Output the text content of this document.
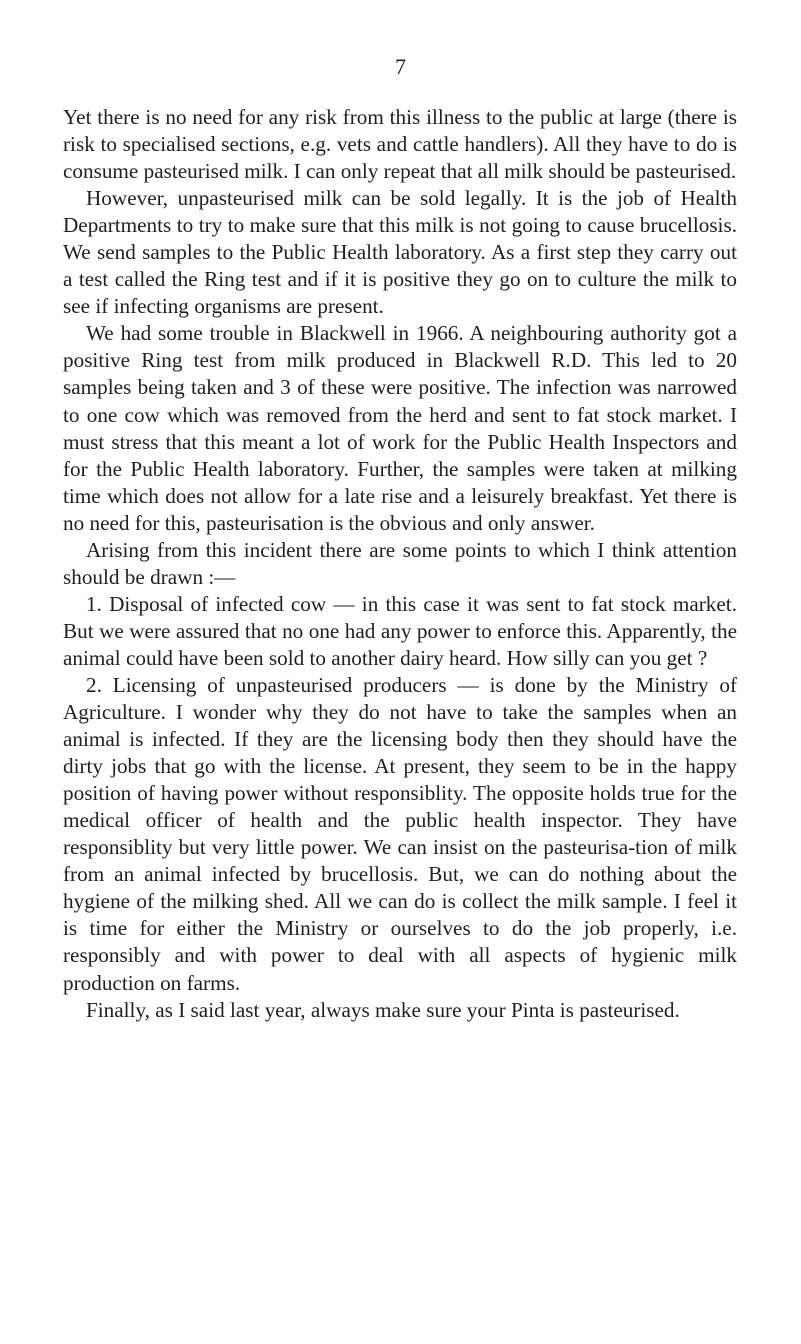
7

Yet there is no need for any risk from this illness to the public at large (there is risk to specialised sections, e.g. vets and cattle handlers). All they have to do is consume pasteurised milk. I can only repeat that all milk should be pasteurised.

However, unpasteurised milk can be sold legally. It is the job of Health Departments to try to make sure that this milk is not going to cause brucellosis. We send samples to the Public Health laboratory. As a first step they carry out a test called the Ring test and if it is positive they go on to culture the milk to see if infecting organisms are present.

We had some trouble in Blackwell in 1966. A neighbouring authority got a positive Ring test from milk produced in Blackwell R.D. This led to 20 samples being taken and 3 of these were positive. The infection was narrowed to one cow which was removed from the herd and sent to fat stock market. I must stress that this meant a lot of work for the Public Health Inspectors and for the Public Health laboratory. Further, the samples were taken at milking time which does not allow for a late rise and a leisurely breakfast. Yet there is no need for this, pasteurisation is the obvious and only answer.

Arising from this incident there are some points to which I think attention should be drawn :—

1. Disposal of infected cow — in this case it was sent to fat stock market. But we were assured that no one had any power to enforce this. Apparently, the animal could have been sold to another dairy heard. How silly can you get ?

2. Licensing of unpasteurised producers — is done by the Ministry of Agriculture. I wonder why they do not have to take the samples when an animal is infected. If they are the licensing body then they should have the dirty jobs that go with the license. At present, they seem to be in the happy position of having power without responsiblity. The opposite holds true for the medical officer of health and the public health inspector. They have responsiblity but very little power. We can insist on the pasteurisa-tion of milk from an animal infected by brucellosis. But, we can do nothing about the hygiene of the milking shed. All we can do is collect the milk sample. I feel it is time for either the Ministry or ourselves to do the job properly, i.e. responsibly and with power to deal with all aspects of hygienic milk production on farms.

Finally, as I said last year, always make sure your Pinta is pasteurised.
